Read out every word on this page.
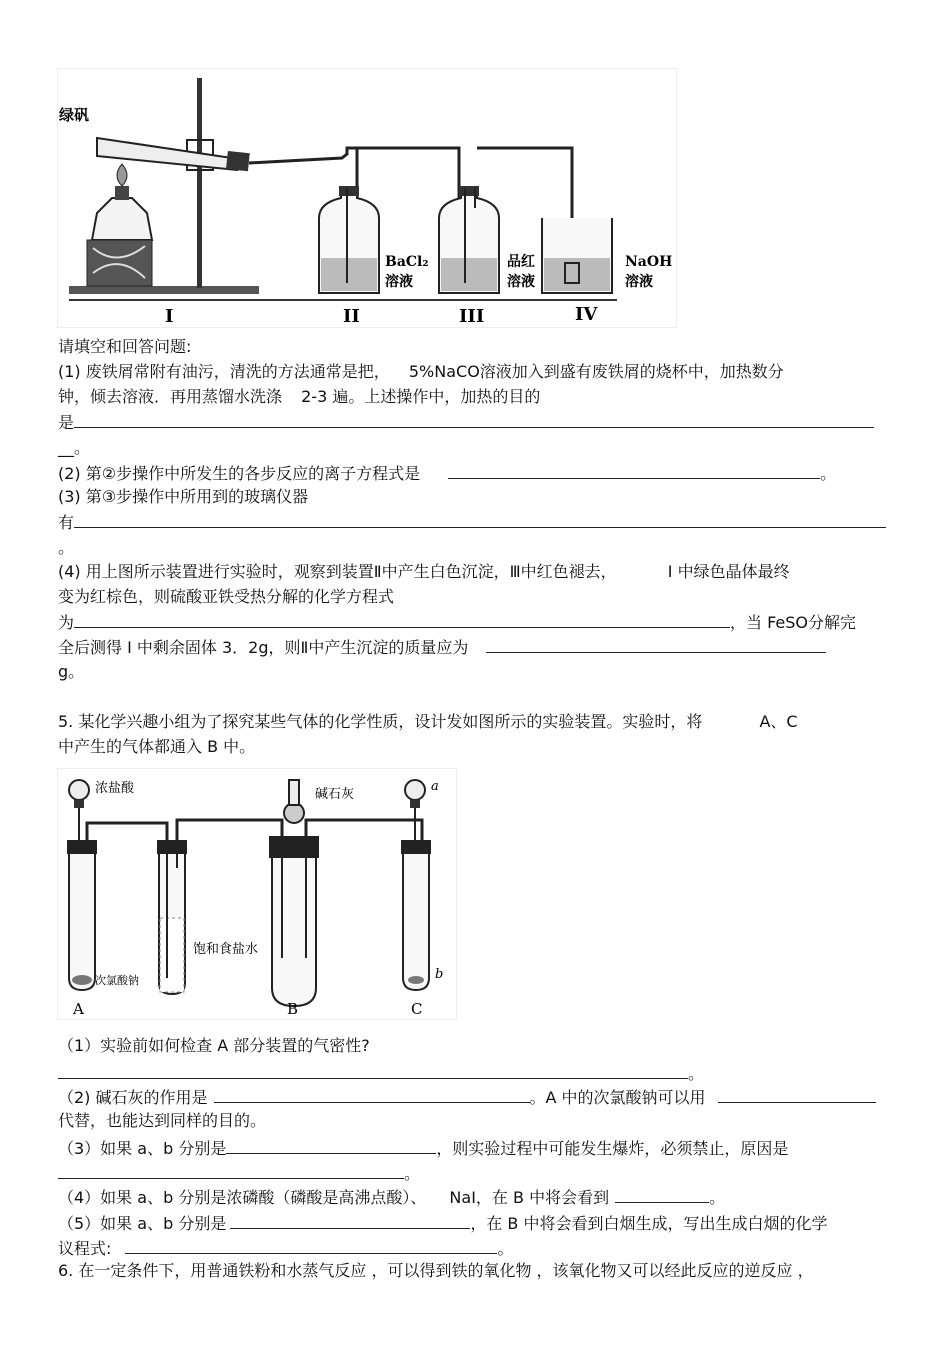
绿矾
BaCl₂
溶液
品红
溶液
NaOH
溶液
I	II	III	IV
请填空和回答问题:
(1) 废铁屑常附有油污，清洗的方法通常是把， 5%NaCO溶液加入到盛有废铁屑的烧杯中，加热数分
钟，倾去溶液．再用蒸馏水洗涤 2-3 遍。上述操作中，加热的目的
是
__。
(2) 第②步操作中所发生的各步反应的离子方程式是	。
(3) 第③步操作中所用到的玻璃仪器
有
。
(4) 用上图所示装置进行实验时，观察到装置Ⅱ中产生白色沉淀，Ⅲ中红色褪去，	Ⅰ 中绿色晶体最终
变为红棕色，则硫酸亚铁受热分解的化学方程式
为	，当 FeSO分解完
全后测得 Ⅰ 中剩余固体 3．2g，则Ⅱ中产生沉淀的质量应为
g。
5. 某化学兴趣小组为了探究某些气体的化学性质，设计发如图所示的实验装置。实验时，将	A、C
中产生的气体都通入 B 中。
浓盐酸	碱石灰
次氯酸钠
饱和食盐水
a
b
A	B	C
（1）实验前如何检查 A 部分装置的气密性?
。
（2) 碱石灰的作用是	。A 中的次氯酸钠可以用
代替，也能达到同样的目的。
（3）如果 a、b 分别是	，则实验过程中可能发生爆炸，必须禁止，原因是
。
（4）如果 a、b 分别是浓磷酸（磷酸是高沸点酸）、 NaI，在 B 中将会看到	。
（5）如果 a、b 分别是	，在 B 中将会看到白烟生成，写出生成白烟的化学
议程式:	。
6. 在一定条件下，用普通铁粉和水蒸气反应 ，可以得到铁的氧化物 ，该氧化物又可以经此反应的逆反应 ，
